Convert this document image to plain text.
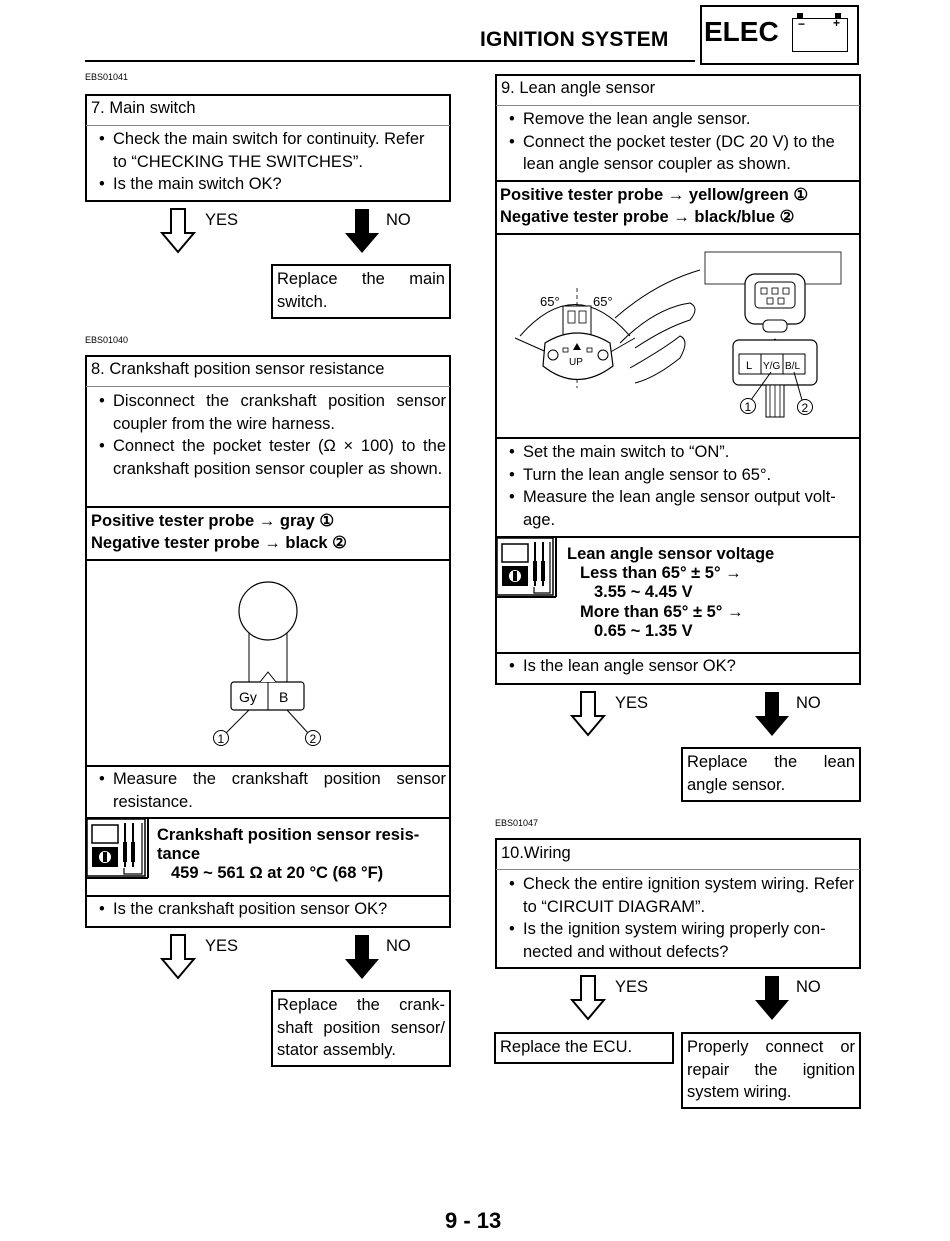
IGNITION SYSTEM ELEC − +
EBS01041
7. Main switch
• Check the main switch for continuity. Refer to “CHECKING THE SWITCHES”.
• Is the main switch OK?
YES	NO
Replace the main switch.
EBS01040
8. Crankshaft position sensor resistance
• Disconnect the crankshaft position sensor coupler from the wire harness.
• Connect the pocket tester (Ω × 100) to the crankshaft position sensor coupler as shown.
Positive tester probe → gray ①
Negative tester probe → black ②
Gy B
1	2
• Measure the crankshaft position sensor resistance.
Crankshaft position sensor resis- tance
459 ~ 561 Ω at 20 °C (68 °F)
• Is the crankshaft position sensor OK?
YES	NO
Replace the crank- shaft position sensor/ stator assembly.
9. Lean angle sensor
• Remove the lean angle sensor.
• Connect the pocket tester (DC 20 V) to the lean angle sensor coupler as shown.
Positive tester probe → yellow/green ①
Negative tester probe → black/blue ②
65°	65°
UP	L Y/G B/L
1	2
• Set the main switch to “ON”.
• Turn the lean angle sensor to 65°.
• Measure the lean angle sensor output volt- age.
Lean angle sensor voltage
Less than 65° ± 5° →
3.55 ~ 4.45 V
More than 65° ± 5° →
0.65 ~ 1.35 V
• Is the lean angle sensor OK?
YES	NO
Replace the lean angle sensor.
EBS01047
10.Wiring
• Check the entire ignition system wiring. Refer to “CIRCUIT DIAGRAM”.
• Is the ignition system wiring properly con- nected and without defects?
YES	NO
Replace the ECU.	Properly connect or repair the ignition system wiring.
9 - 13
